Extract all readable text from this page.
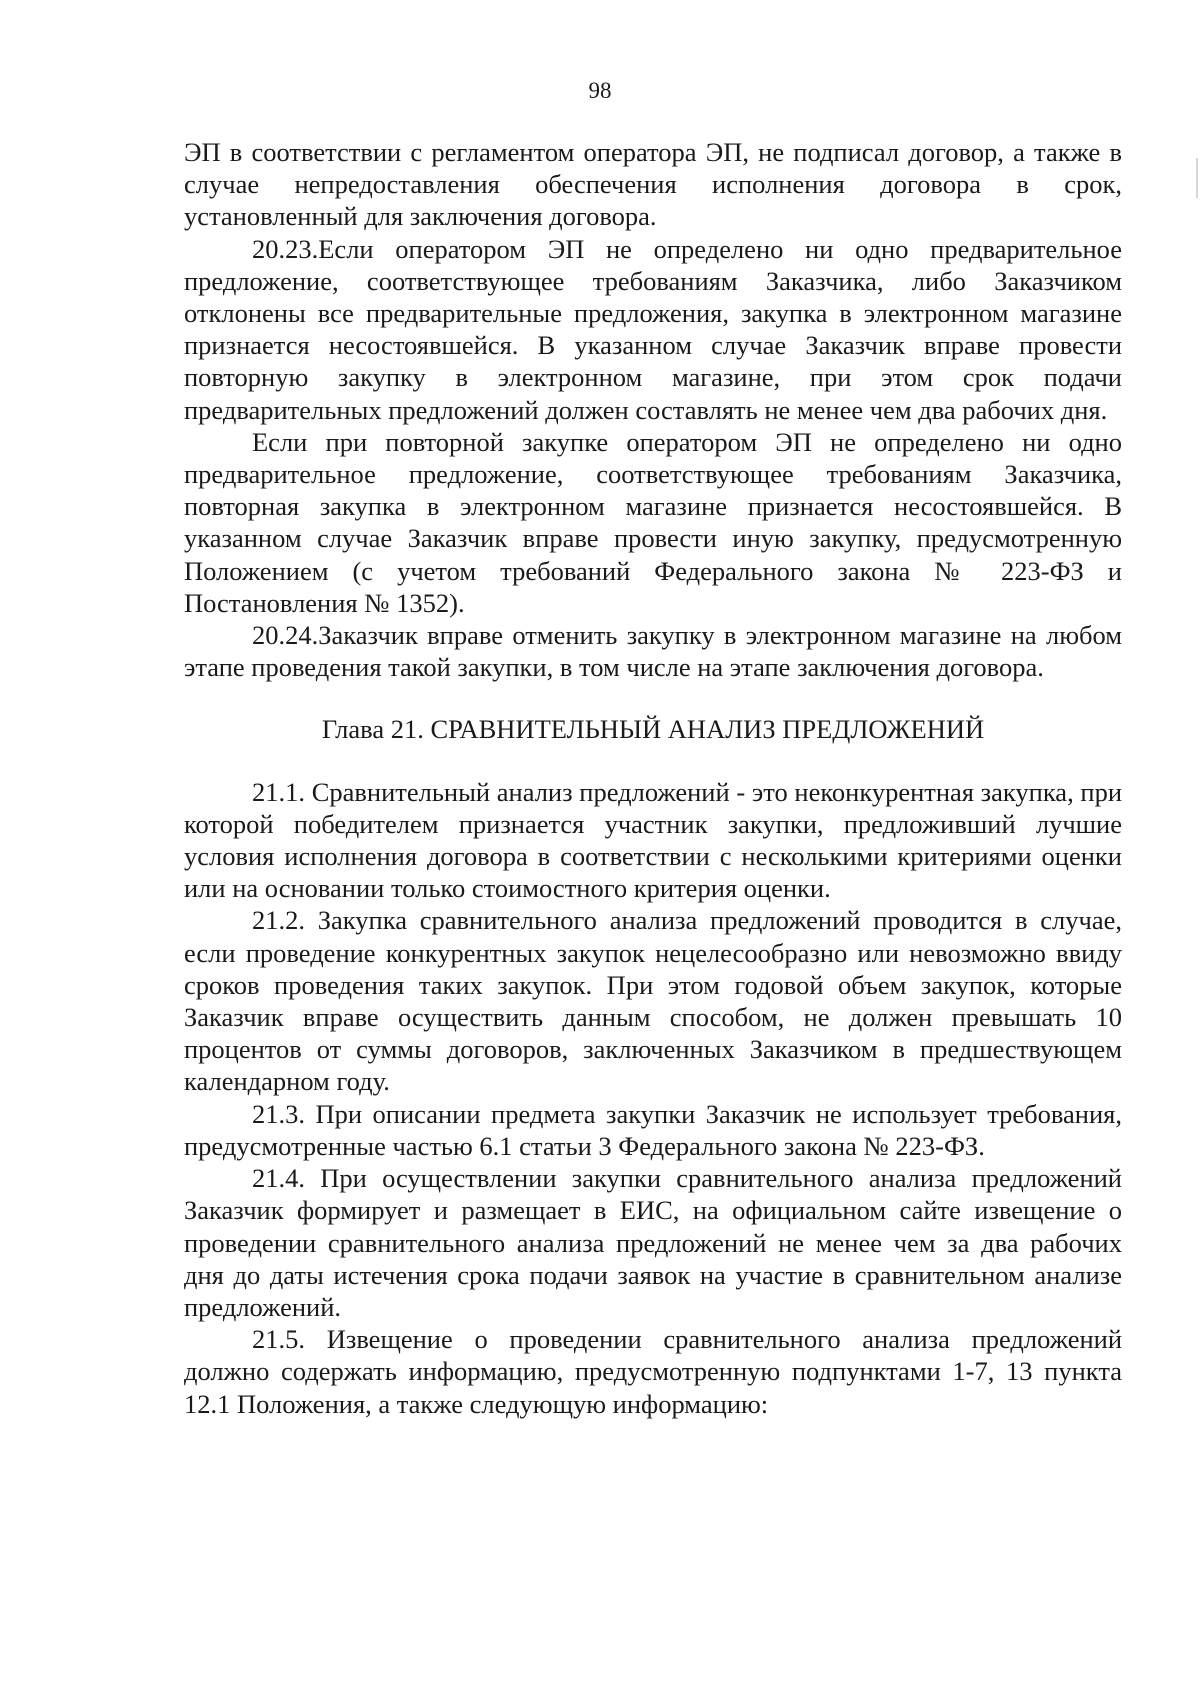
98

ЭП в соответствии с регламентом оператора ЭП, не подписал договор, а также в случае непредоставления обеспечения исполнения договора в срок, установленный для заключения договора.

20.23.Если оператором ЭП не определено ни одно предварительное предложение, соответствующее требованиям Заказчика, либо Заказчиком отклонены все предварительные предложения, закупка в электронном магазине признается несостоявшейся. В указанном случае Заказчик вправе провести повторную закупку в электронном магазине, при этом срок подачи предварительных предложений должен составлять не менее чем два рабочих дня.

Если при повторной закупке оператором ЭП не определено ни одно предварительное предложение, соответствующее требованиям Заказчика, повторная закупка в электронном магазине признается несостоявшейся. В указанном случае Заказчик вправе провести иную закупку, предусмотренную Положением (с учетом требований Федерального закона № 223-ФЗ и Постановления № 1352).

20.24.Заказчик вправе отменить закупку в электронном магазине на любом этапе проведения такой закупки, в том числе на этапе заключения договора.

Глава 21. СРАВНИТЕЛЬНЫЙ АНАЛИЗ ПРЕДЛОЖЕНИЙ

21.1. Сравнительный анализ предложений - это неконкурентная закупка, при которой победителем признается участник закупки, предложивший лучшие условия исполнения договора в соответствии с несколькими критериями оценки или на основании только стоимостного критерия оценки.

21.2. Закупка сравнительного анализа предложений проводится в случае, если проведение конкурентных закупок нецелесообразно или невозможно ввиду сроков проведения таких закупок. При этом годовой объем закупок, которые Заказчик вправе осуществить данным способом, не должен превышать 10 процентов от суммы договоров, заключенных Заказчиком в предшествующем календарном году.

21.3. При описании предмета закупки Заказчик не использует требования, предусмотренные частью 6.1 статьи 3 Федерального закона № 223-ФЗ.

21.4. При осуществлении закупки сравнительного анализа предложений Заказчик формирует и размещает в ЕИС, на официальном сайте извещение о проведении сравнительного анализа предложений не менее чем за два рабочих дня до даты истечения срока подачи заявок на участие в сравнительном анализе предложений.

21.5. Извещение о проведении сравнительного анализа предложений должно содержать информацию, предусмотренную подпунктами 1-7, 13 пункта 12.1 Положения, а также следующую информацию:
